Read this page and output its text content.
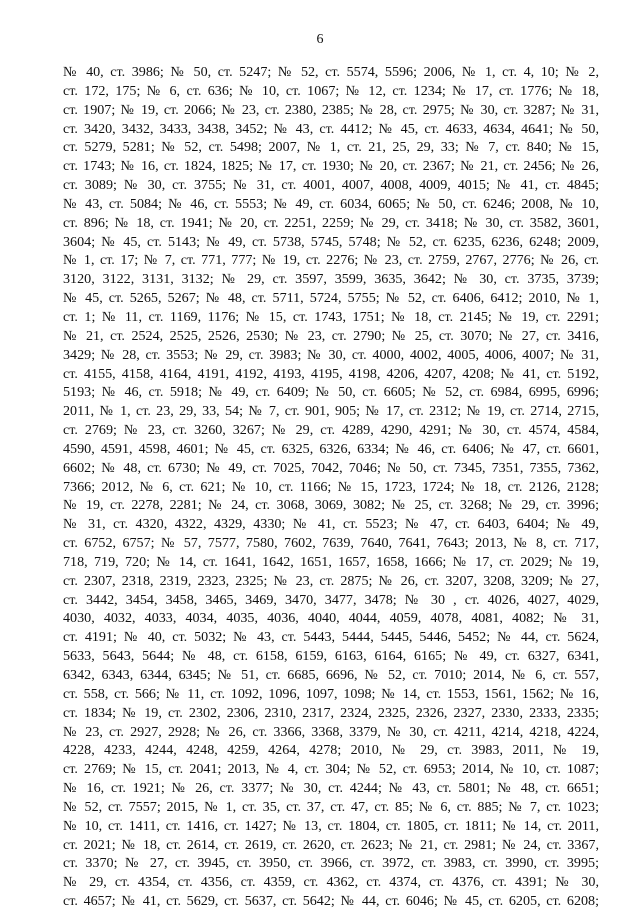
6
№ 40, ст. 3986; № 50, ст. 5247; № 52, ст. 5574, 5596; 2006, № 1, ст. 4, 10; № 2,
ст. 172, 175; № 6, ст. 636; № 10, ст. 1067; № 12, ст. 1234; № 17, ст. 1776; № 18,
ст. 1907; № 19, ст. 2066; № 23, ст. 2380, 2385; № 28, ст. 2975; № 30, ст. 3287; № 31,
ст. 3420, 3432, 3433, 3438, 3452; № 43, ст. 4412; № 45, ст. 4633, 4634, 4641; № 50,
ст. 5279, 5281; № 52, ст. 5498; 2007, № 1, ст. 21, 25, 29, 33; № 7, ст. 840; № 15,
ст. 1743; № 16, ст. 1824, 1825; № 17, ст. 1930; № 20, ст. 2367; № 21, ст. 2456; № 26,
ст. 3089; № 30, ст. 3755; № 31, ст. 4001, 4007, 4008, 4009, 4015; № 41, ст. 4845;
№ 43, ст. 5084; № 46, ст. 5553; № 49, ст. 6034, 6065; № 50, ст. 6246; 2008, № 10,
ст. 896; № 18, ст. 1941; № 20, ст. 2251, 2259; № 29, ст. 3418; № 30, ст. 3582, 3601,
3604; № 45, ст. 5143; № 49, ст. 5738, 5745, 5748; № 52, ст. 6235, 6236, 6248; 2009,
№ 1, ст. 17; № 7, ст. 771, 777; № 19, ст. 2276; № 23, ст. 2759, 2767, 2776; № 26, ст.
3120, 3122, 3131, 3132; № 29, ст. 3597, 3599, 3635, 3642; № 30, ст. 3735, 3739;
№ 45, ст. 5265, 5267; № 48, ст. 5711, 5724, 5755; № 52, ст. 6406, 6412; 2010, № 1,
ст. 1; № 11, ст. 1169, 1176; № 15, ст. 1743, 1751; № 18, ст. 2145; № 19, ст. 2291;
№ 21, ст. 2524, 2525, 2526, 2530; № 23, ст. 2790; № 25, ст. 3070; № 27, ст. 3416,
3429; № 28, ст. 3553; № 29, ст. 3983; № 30, ст. 4000, 4002, 4005, 4006, 4007; № 31,
ст. 4155, 4158, 4164, 4191, 4192, 4193, 4195, 4198, 4206, 4207, 4208; № 41, ст. 5192,
5193; № 46, ст. 5918; № 49, ст. 6409; № 50, ст. 6605; № 52, ст. 6984, 6995, 6996;
2011, № 1, ст. 23, 29, 33, 54; № 7, ст. 901, 905; № 17, ст. 2312; № 19, ст. 2714, 2715,
ст. 2769; № 23, ст. 3260, 3267; № 29, ст. 4289, 4290, 4291; № 30, ст. 4574, 4584,
4590, 4591, 4598, 4601; № 45, ст. 6325, 6326, 6334; № 46, ст. 6406; № 47, ст. 6601,
6602; № 48, ст. 6730; № 49, ст. 7025, 7042, 7046; № 50, ст. 7345, 7351, 7355, 7362,
7366; 2012, № 6, ст. 621; № 10, ст. 1166; № 15, 1723, 1724; № 18, ст. 2126, 2128;
№ 19, ст. 2278, 2281; № 24, ст. 3068, 3069, 3082; № 25, ст. 3268; № 29, ст. 3996;
№ 31, ст. 4320, 4322, 4329, 4330; № 41, ст. 5523; № 47, ст. 6403, 6404; № 49,
ст. 6752, 6757; № 57, 7577, 7580, 7602, 7639, 7640, 7641, 7643; 2013, № 8, ст. 717,
718, 719, 720; № 14, ст. 1641, 1642, 1651, 1657, 1658, 1666; № 17, ст. 2029; № 19,
ст. 2307, 2318, 2319, 2323, 2325; № 23, ст. 2875; № 26, ст. 3207, 3208, 3209; № 27,
ст. 3442, 3454, 3458, 3465, 3469, 3470, 3477, 3478; № 30 , ст. 4026, 4027, 4029,
4030, 4032, 4033, 4034, 4035, 4036, 4040, 4044, 4059, 4078, 4081, 4082; № 31,
ст. 4191; № 40, ст. 5032; № 43, ст. 5443, 5444, 5445, 5446, 5452; № 44, ст. 5624,
5633, 5643, 5644; № 48, ст. 6158, 6159, 6163, 6164, 6165; № 49, ст. 6327, 6341,
6342, 6343, 6344, 6345; № 51, ст. 6685, 6696, № 52, ст. 7010; 2014, № 6, ст. 557,
ст. 558, ст. 566; № 11, ст. 1092, 1096, 1097, 1098; № 14, ст. 1553, 1561, 1562; № 16,
ст. 1834; № 19, ст. 2302, 2306, 2310, 2317, 2324, 2325, 2326, 2327, 2330, 2333, 2335;
№ 23, ст. 2927, 2928; № 26, ст. 3366, 3368, 3379, № 30, ст. 4211, 4214, 4218, 4224,
4228, 4233, 4244, 4248, 4259, 4264, 4278; 2010, № 29, ст. 3983, 2011, № 19,
ст. 2769; № 15, ст. 2041; 2013, № 4, ст. 304; № 52, ст. 6953; 2014, № 10, ст. 1087;
№ 16, ст. 1921; № 26, ст. 3377; № 30, ст. 4244; № 43, ст. 5801; № 48, ст. 6651;
№ 52, ст. 7557; 2015, № 1, ст. 35, ст. 37, ст. 47, ст. 85; № 6, ст. 885; № 7, ст. 1023;
№ 10, ст. 1411, ст. 1416, ст. 1427; № 13, ст. 1804, ст. 1805, ст. 1811; № 14, ст. 2011,
ст. 2021; № 18, ст. 2614, ст. 2619, ст. 2620, ст. 2623; № 21, ст. 2981; № 24, ст. 3367,
ст. 3370; № 27, ст. 3945, ст. 3950, ст. 3966, ст. 3972, ст. 3983, ст. 3990, ст. 3995;
№ 29, ст. 4354, ст. 4356, ст. 4359, ст. 4362, ст. 4374, ст. 4376, ст. 4391; № 30,
ст. 4657; № 41, ст. 5629, ст. 5637, ст. 5642; № 44, ст. 6046; № 45, ст. 6205, ст. 6208;
